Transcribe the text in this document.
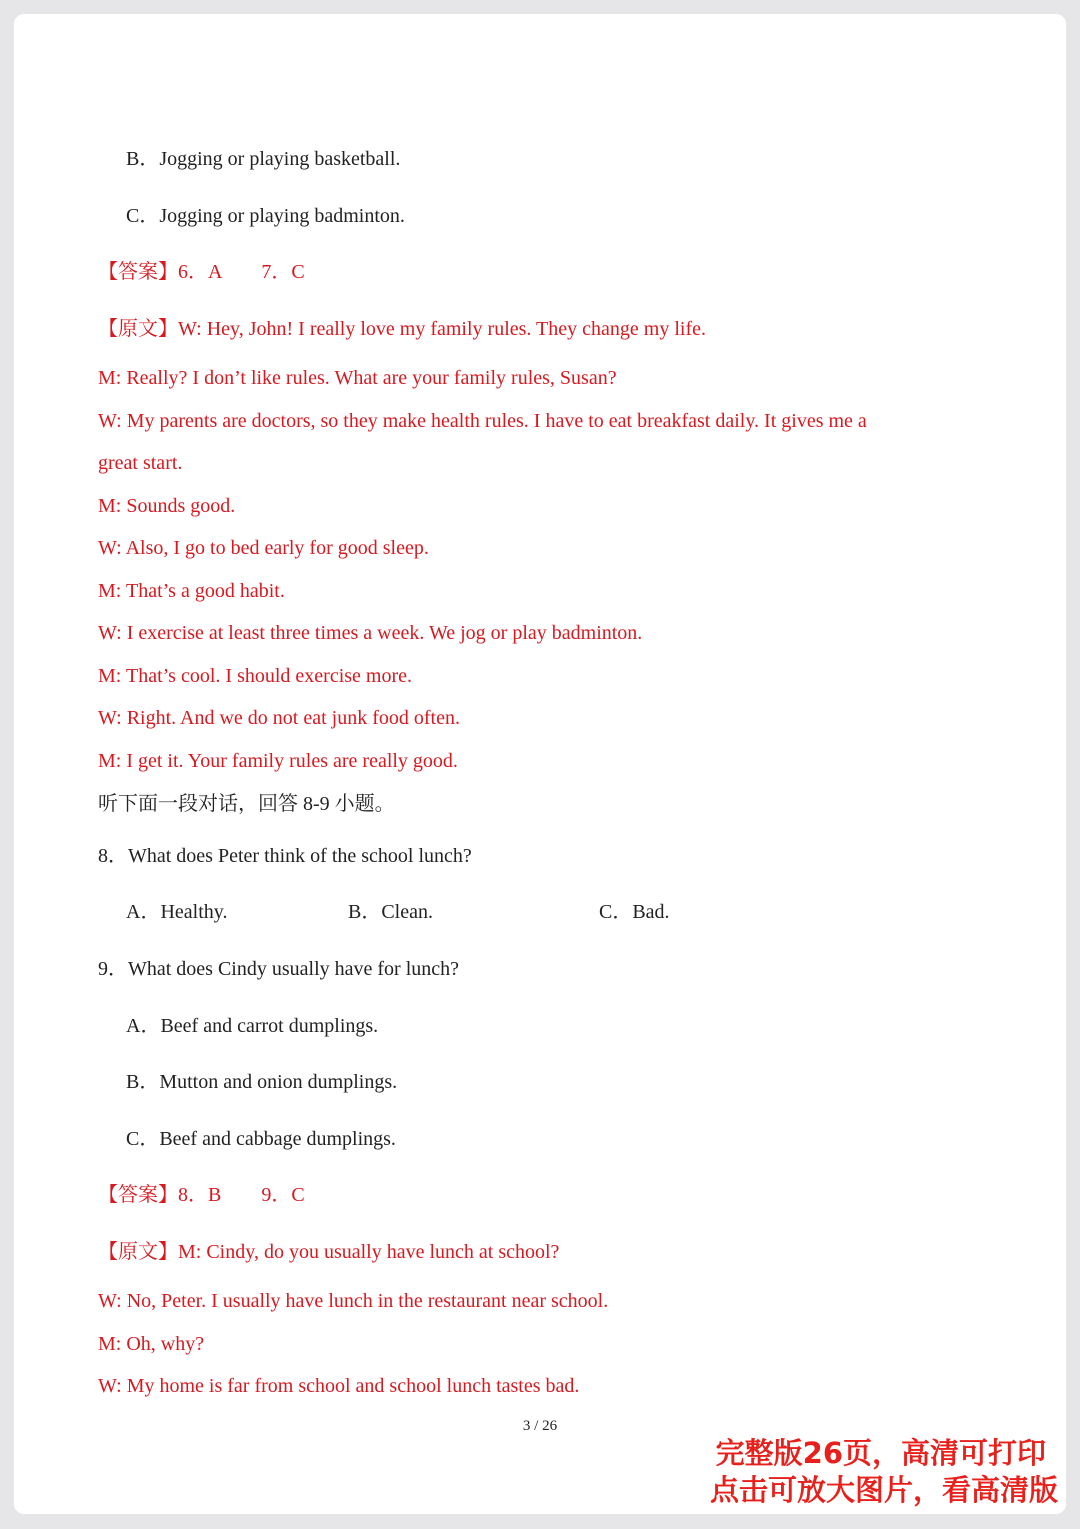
B．Jogging or playing basketball.
C．Jogging or playing badminton.
【答案】6．A　　7．C
【原文】W: Hey, John! I really love my family rules. They change my life.
M: Really? I don’t like rules. What are your family rules, Susan?
W: My parents are doctors, so they make health rules. I have to eat breakfast daily. It gives me a
great start.
M: Sounds good.
W: Also, I go to bed early for good sleep.
M: That’s a good habit.
W: I exercise at least three times a week. We jog or play badminton.
M: That’s cool. I should exercise more.
W: Right. And we do not eat junk food often.
M: I get it. Your family rules are really good.
听下面一段对话，回答 8-9 小题。
8．What does Peter think of the school lunch?
A．Healthy.	B．Clean.	C．Bad.
9．What does Cindy usually have for lunch?
A．Beef and carrot dumplings.
B．Mutton and onion dumplings.
C．Beef and cabbage dumplings.
【答案】8．B　　9．C
【原文】M: Cindy, do you usually have lunch at school?
W: No, Peter. I usually have lunch in the restaurant near school.
M: Oh, why?
W: My home is far from school and school lunch tastes bad.
3 / 26
完整版26页，高清可打印
点击可放大图片，看高清版
